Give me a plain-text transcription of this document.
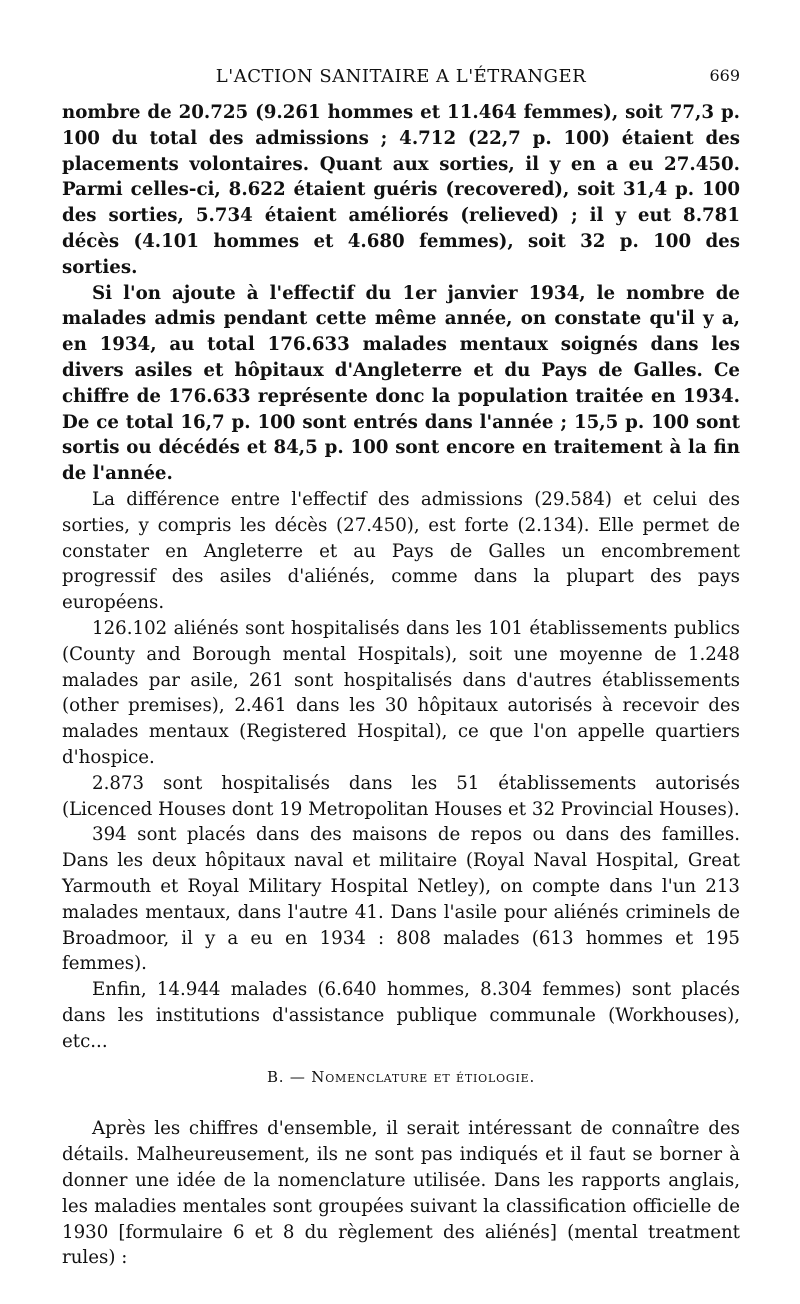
L'ACTION SANITAIRE A L'ÉTRANGER	669

nombre de 20.725 (9.261 hommes et 11.464 femmes), soit 77,3 p. 100 du total des admissions ; 4.712 (22,7 p. 100) étaient des placements volontaires. Quant aux sorties, il y en a eu 27.450. Parmi celles-ci, 8.622 étaient guéris (recovered), soit 31,4 p. 100 des sorties, 5.734 étaient améliorés (relieved) ; il y eut 8.781 décès (4.101 hommes et 4.680 femmes), soit 32 p. 100 des sorties.

Si l'on ajoute à l'effectif du 1er janvier 1934, le nombre de malades admis pendant cette même année, on constate qu'il y a, en 1934, au total 176.633 malades mentaux soignés dans les divers asiles et hôpitaux d'Angleterre et du Pays de Galles. Ce chiffre de 176.633 représente donc la population traitée en 1934. De ce total 16,7 p. 100 sont entrés dans l'année ; 15,5 p. 100 sont sortis ou décédés et 84,5 p. 100 sont encore en traitement à la fin de l'année.

La différence entre l'effectif des admissions (29.584) et celui des sorties, y compris les décès (27.450), est forte (2.134). Elle permet de constater en Angleterre et au Pays de Galles un encombrement progressif des asiles d'aliénés, comme dans la plupart des pays européens.

126.102 aliénés sont hospitalisés dans les 101 établissements publics (County and Borough mental Hospitals), soit une moyenne de 1.248 malades par asile, 261 sont hospitalisés dans d'autres établissements (other premises), 2.461 dans les 30 hôpitaux autorisés à recevoir des malades mentaux (Registered Hospital), ce que l'on appelle quartiers d'hospice.

2.873 sont hospitalisés dans les 51 établissements autorisés (Licenced Houses dont 19 Metropolitan Houses et 32 Provincial Houses).

394 sont placés dans des maisons de repos ou dans des familles. Dans les deux hôpitaux naval et militaire (Royal Naval Hospital, Great Yarmouth et Royal Military Hospital Netley), on compte dans l'un 213 malades mentaux, dans l'autre 41. Dans l'asile pour aliénés criminels de Broadmoor, il y a eu en 1934 : 808 malades (613 hommes et 195 femmes).

Enfin, 14.944 malades (6.640 hommes, 8.304 femmes) sont placés dans les institutions d'assistance publique communale (Workhouses), etc...

B. — Nomenclature et étiologie.

Après les chiffres d'ensemble, il serait intéressant de connaître des détails. Malheureusement, ils ne sont pas indiqués et il faut se borner à donner une idée de la nomenclature utilisée. Dans les rapports anglais, les maladies mentales sont groupées suivant la classification officielle de 1930 [formulaire 6 et 8 du règlement des aliénés] (mental treatment rules) :
